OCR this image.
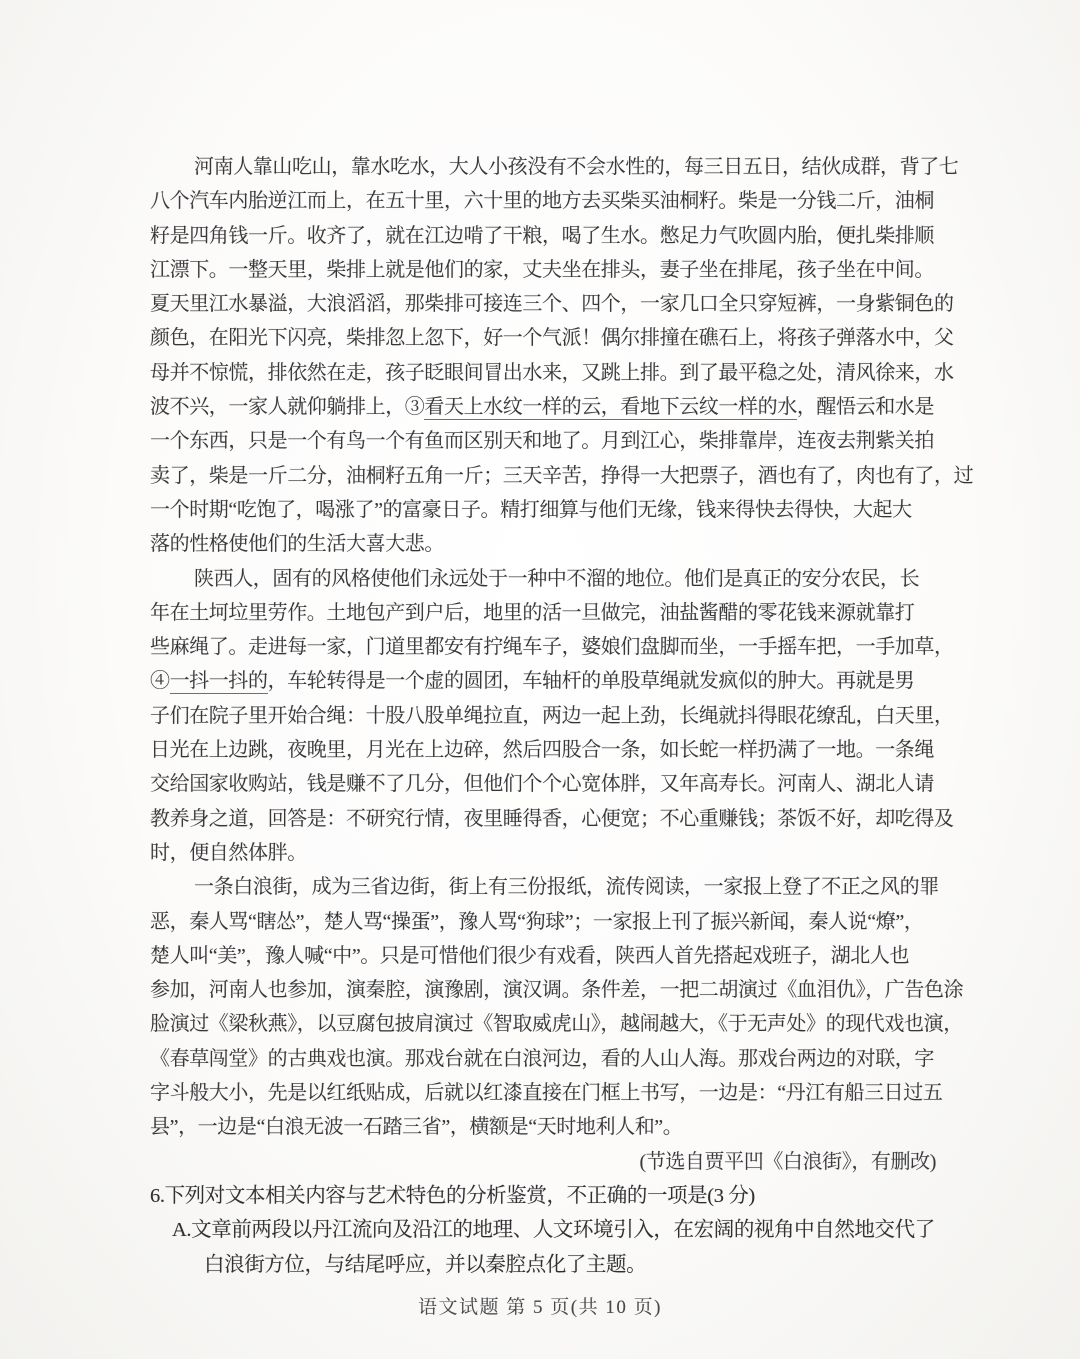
河南人靠山吃山，靠水吃水，大人小孩没有不会水性的，每三日五日，结伙成群，背了七
八个汽车内胎逆江而上，在五十里，六十里的地方去买柴买油桐籽。柴是一分钱二斤，油桐
籽是四角钱一斤。收齐了，就在江边啃了干粮，喝了生水。憋足力气吹圆内胎，便扎柴排顺
江漂下。一整天里，柴排上就是他们的家，丈夫坐在排头，妻子坐在排尾，孩子坐在中间。
夏天里江水暴溢，大浪滔滔，那柴排可接连三个、四个，一家几口全只穿短裤，一身紫铜色的
颜色，在阳光下闪亮，柴排忽上忽下，好一个气派！偶尔排撞在礁石上，将孩子弹落水中，父
母并不惊慌，排依然在走，孩子眨眼间冒出水来，又跳上排。到了最平稳之处，清风徐来，水
波不兴，一家人就仰躺排上，③看天上水纹一样的云，看地下云纹一样的水，醒悟云和水是
一个东西，只是一个有鸟一个有鱼而区别天和地了。月到江心，柴排靠岸，连夜去荆紫关拍
卖了，柴是一斤二分，油桐籽五角一斤；三天辛苦，挣得一大把票子，酒也有了，肉也有了，过
一个时期“吃饱了，喝涨了”的富豪日子。精打细算与他们无缘，钱来得快去得快，大起大
落的性格使他们的生活大喜大悲。
陕西人，固有的风格使他们永远处于一种中不溜的地位。他们是真正的安分农民，长
年在土坷垃里劳作。土地包产到户后，地里的活一旦做完，油盐酱醋的零花钱来源就靠打
些麻绳了。走进每一家，门道里都安有拧绳车子，婆娘们盘脚而坐，一手摇车把，一手加草，
④一抖一抖的，车轮转得是一个虚的圆团，车轴杆的单股草绳就发疯似的肿大。再就是男
子们在院子里开始合绳：十股八股单绳拉直，两边一起上劲，长绳就抖得眼花缭乱，白天里，
日光在上边跳，夜晚里，月光在上边碎，然后四股合一条，如长蛇一样扔满了一地。一条绳
交给国家收购站，钱是赚不了几分，但他们个个心宽体胖，又年高寿长。河南人、湖北人请
教养身之道，回答是：不研究行情，夜里睡得香，心便宽；不心重赚钱；茶饭不好，却吃得及
时，便自然体胖。
一条白浪街，成为三省边街，街上有三份报纸，流传阅读，一家报上登了不正之风的罪
恶，秦人骂“瞎怂”，楚人骂“操蛋”，豫人骂“狗球”；一家报上刊了振兴新闻，秦人说“燎”，
楚人叫“美”，豫人喊“中”。只是可惜他们很少有戏看，陕西人首先搭起戏班子，湖北人也
参加，河南人也参加，演秦腔，演豫剧，演汉调。条件差，一把二胡演过《血泪仇》，广告色涂
脸演过《梁秋燕》，以豆腐包披肩演过《智取威虎山》，越闹越大，《于无声处》的现代戏也演，
《春草闯堂》的古典戏也演。那戏台就在白浪河边，看的人山人海。那戏台两边的对联，字
字斗般大小，先是以红纸贴成，后就以红漆直接在门框上书写，一边是：“丹江有船三日过五
县”，一边是“白浪无波一石踏三省”，横额是“天时地利人和”。
(节选自贾平凹《白浪街》，有删改)
6.下列对文本相关内容与艺术特色的分析鉴赏，不正确的一项是(3 分)
A.文章前两段以丹江流向及沿江的地理、人文环境引入，在宏阔的视角中自然地交代了
白浪街方位，与结尾呼应，并以秦腔点化了主题。
语文试题 第 5 页(共 10 页)
